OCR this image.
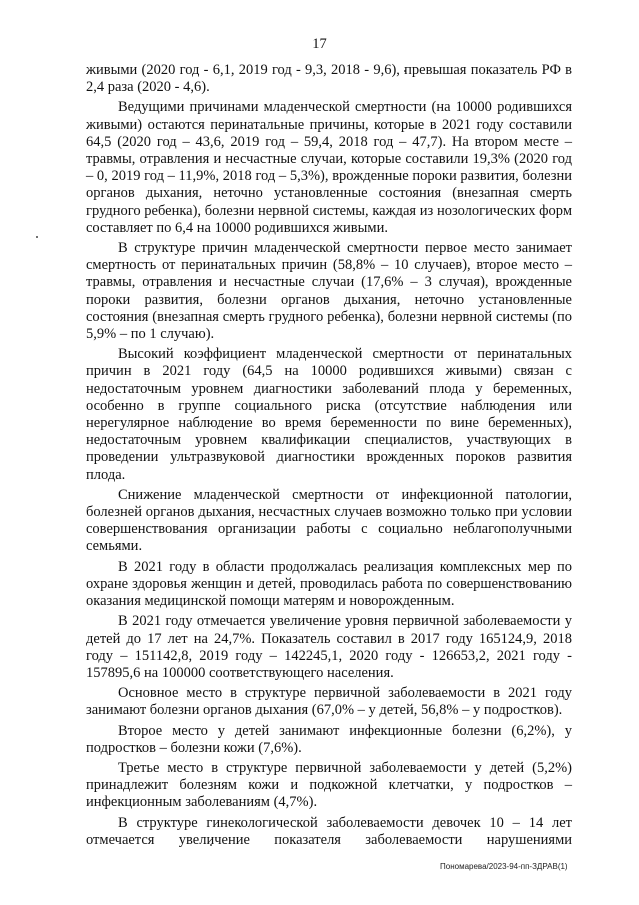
17

живыми (2020 год - 6,1, 2019 год - 9,3, 2018 - 9,6), превышая показатель РФ в 2,4 раза (2020 - 4,6).

Ведущими причинами младенческой смертности (на 10000 родившихся живыми) остаются перинатальные причины, которые в 2021 году составили 64,5 (2020 год – 43,6, 2019 год – 59,4, 2018 год – 47,7). На втором месте – травмы, отравления и несчастные случаи, которые составили 19,3% (2020 год – 0, 2019 год – 11,9%, 2018 год – 5,3%), врожденные пороки развития, болезни органов дыхания, неточно установленные состояния (внезапная смерть грудного ребенка), болезни нервной системы, каждая из нозологических форм составляет по 6,4 на 10000 родившихся живыми.

В структуре причин младенческой смертности первое место занимает смертность от перинатальных причин (58,8% – 10 случаев), второе место – травмы, отравления и несчастные случаи (17,6% – 3 случая), врожденные пороки развития, болезни органов дыхания, неточно установленные состояния (внезапная смерть грудного ребенка), болезни нервной системы (по 5,9% – по 1 случаю).

Высокий коэффициент младенческой смертности от перинатальных причин в 2021 году (64,5 на 10000 родившихся живыми) связан с недостаточным уровнем диагностики заболеваний плода у беременных, особенно в группе социального риска (отсутствие наблюдения или нерегулярное наблюдение во время беременности по вине беременных), недостаточным уровнем квалификации специалистов, участвующих в проведении ультразвуковой диагностики врожденных пороков развития плода.

Снижение младенческой смертности от инфекционной патологии, болезней органов дыхания, несчастных случаев возможно только при условии совершенствования организации работы с социально неблагополучными семьями.

В 2021 году в области продолжалась реализация комплексных мер по охране здоровья женщин и детей, проводилась работа по совершенствованию оказания медицинской помощи матерям и новорожденным.

В 2021 году отмечается увеличение уровня первичной заболеваемости у детей до 17 лет на 24,7%. Показатель составил в 2017 году 165124,9, 2018 году – 151142,8, 2019 году – 142245,1, 2020 году - 126653,2, 2021 году - 157895,6 на 100000 соответствующего населения.

Основное место в структуре первичной заболеваемости в 2021 году занимают болезни органов дыхания (67,0% – у детей, 56,8% – у подростков).

Второе место у детей занимают инфекционные болезни (6,2%), у подростков – болезни кожи (7,6%).

Третье место в структуре первичной заболеваемости у детей (5,2%) принадлежит болезням кожи и подкожной клетчатки, у подростков – инфекционным заболеваниям (4,7%).

В структуре гинекологической заболеваемости девочек 10 – 14 лет отмечается увеличение показателя заболеваемости нарушениями

Пономарева/2023-94-пп-ЗДРАВ(1)
